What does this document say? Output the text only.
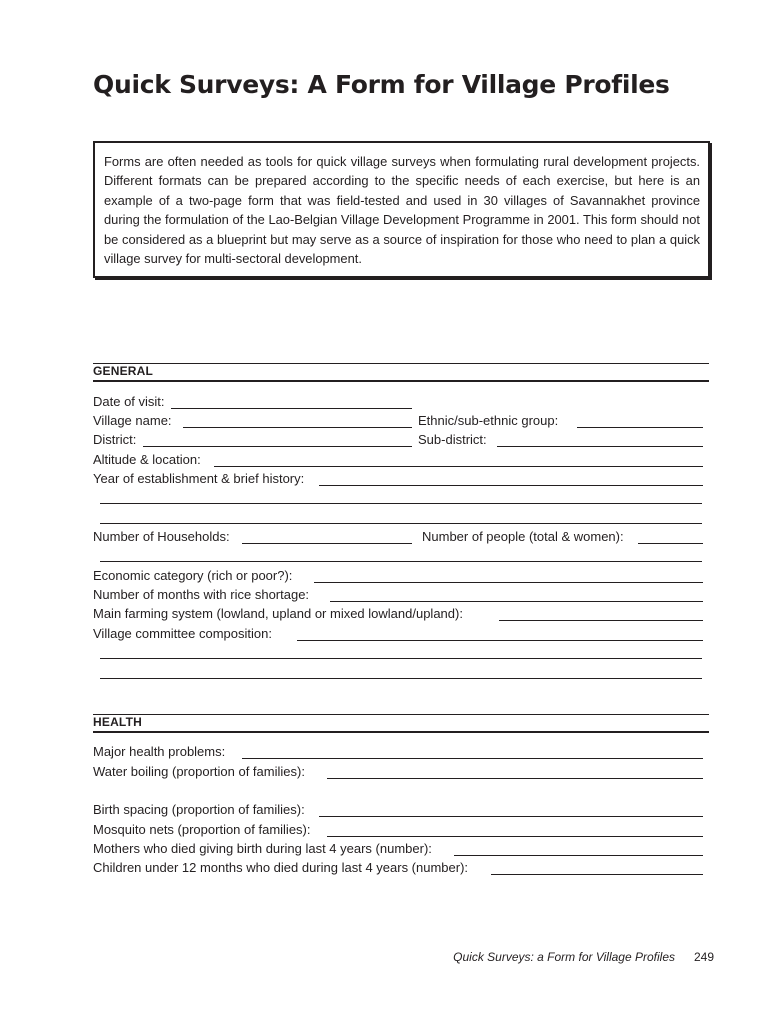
Quick Surveys: A Form for Village Profiles

Forms are often needed as tools for quick village surveys when formulating rural development projects. Different formats can be prepared according to the specific needs of each exercise, but here is an example of a two-page form that was field-tested and used in 30 villages of Savannakhet province during the formulation of the Lao-Belgian Village Development Programme in 2001. This form should not be considered as a blueprint but may serve as a source of inspiration for those who need to plan a quick village survey for multi-sectoral development.

GENERAL
Date of visit:
Village name:	Ethnic/sub-ethnic group:
District:	Sub-district:
Altitude & location:
Year of establishment & brief history:
Number of Households:	Number of people (total & women):
Economic category (rich or poor?):
Number of months with rice shortage:
Main farming system (lowland, upland or mixed lowland/upland):
Village committee composition:
HEALTH
Major health problems:
Water boiling (proportion of families):
Birth spacing (proportion of families):
Mosquito nets (proportion of families):
Mothers who died giving birth during last 4 years (number):
Children under 12 months who died during last 4 years (number):
Quick Surveys: a Form for Village Profiles 249
